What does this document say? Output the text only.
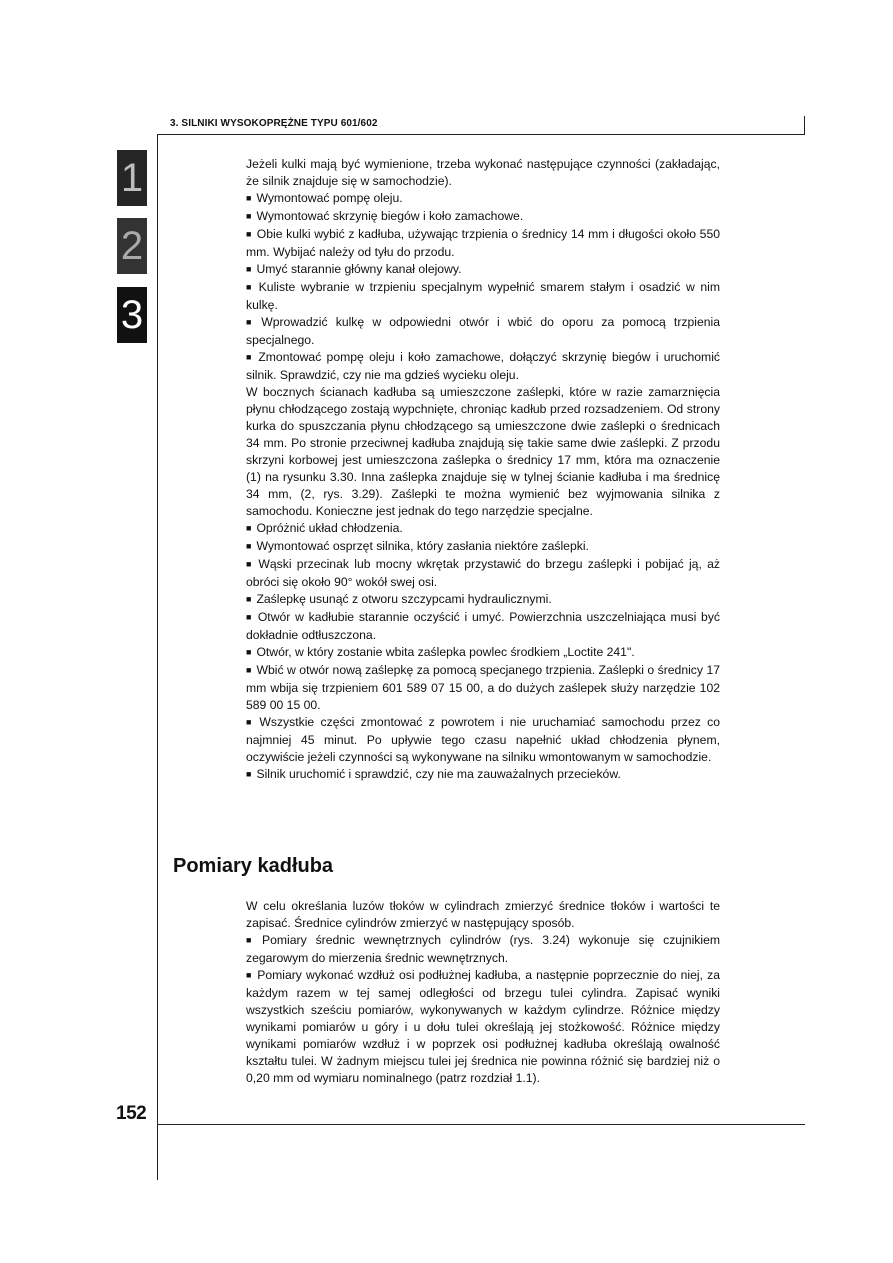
3. SILNIKI WYSOKOPRĘŻNE TYPU 601/602
1
2
3

Jeżeli kulki mają być wymienione, trzeba wykonać następujące czynności (zakładając, że silnik znajduje się w samochodzie).

■ Wymontować pompę oleju.

■ Wymontować skrzynię biegów i koło zamachowe.

■ Obie kulki wybić z kadłuba, używając trzpienia o średnicy 14 mm i długości około 550 mm. Wybijać należy od tyłu do przodu.

■ Umyć starannie główny kanał olejowy.

■ Kuliste wybranie w trzpieniu specjalnym wypełnić smarem stałym i osadzić w nim kulkę.

■ Wprowadzić kulkę w odpowiedni otwór i wbić do oporu za pomocą trzpienia specjalnego.

■ Zmontować pompę oleju i koło zamachowe, dołączyć skrzynię biegów i uruchomić silnik. Sprawdzić, czy nie ma gdzieś wycieku oleju.

W bocznych ścianach kadłuba są umieszczone zaślepki, które w razie zamarznięcia płynu chłodzącego zostają wypchnięte, chroniąc kadłub przed rozsadzeniem. Od strony kurka do spuszczania płynu chłodzącego są umieszczone dwie zaślepki o średnicach 34 mm. Po stronie przeciwnej kadłuba znajdują się takie same dwie zaślepki. Z przodu skrzyni korbowej jest umieszczona zaślepka o średnicy 17 mm, która ma oznaczenie (1) na rysunku 3.30. Inna zaślepka znajduje się w tylnej ścianie kadłuba i ma średnicę 34 mm, (2, rys. 3.29). Zaślepki te można wymienić bez wyjmowania silnika z samochodu. Konieczne jest jednak do tego narzędzie specjalne.

■ Opróżnić układ chłodzenia.

■ Wymontować osprzęt silnika, który zasłania niektóre zaślepki.

■ Wąski przecinak lub mocny wkrętak przystawić do brzegu zaślepki i pobijać ją, aż obróci się około 90° wokół swej osi.

■ Zaślepkę usunąć z otworu szczypcami hydraulicznymi.

■ Otwór w kadłubie starannie oczyścić i umyć. Powierzchnia uszczelniająca musi być dokładnie odtłuszczona.

■ Otwór, w który zostanie wbita zaślepka powlec środkiem „Loctite 241".

■ Wbić w otwór nową zaślepkę za pomocą specjanego trzpienia. Zaślepki o średnicy 17 mm wbija się trzpieniem 601 589 07 15 00, a do dużych zaślepek służy narzędzie 102 589 00 15 00.

■ Wszystkie części zmontować z powrotem i nie uruchamiać samochodu przez co najmniej 45 minut. Po upływie tego czasu napełnić układ chłodzenia płynem, oczywiście jeżeli czynności są wykonywane na silniku wmontowanym w samochodzie.

■ Silnik uruchomić i sprawdzić, czy nie ma zauważalnych przecieków.

Pomiary kadłuba

W celu określania luzów tłoków w cylindrach zmierzyć średnice tłoków i wartości te zapisać. Średnice cylindrów zmierzyć w następujący sposób.

■ Pomiary średnic wewnętrznych cylindrów (rys. 3.24) wykonuje się czujnikiem zegarowym do mierzenia średnic wewnętrznych.

■ Pomiary wykonać wzdłuż osi podłużnej kadłuba, a następnie poprzecznie do niej, za każdym razem w tej samej odległości od brzegu tulei cylindra. Zapisać wyniki wszystkich sześciu pomiarów, wykonywanych w każdym cylindrze. Różnice między wynikami pomiarów u góry i u dołu tulei określają jej stożkowość. Różnice między wynikami pomiarów wzdłuż i w poprzek osi podłużnej kadłuba określają owalność kształtu tulei. W żadnym miejscu tulei jej średnica nie powinna różnić się bardziej niż o 0,20 mm od wymiaru nominalnego (patrz rozdział 1.1).

152
